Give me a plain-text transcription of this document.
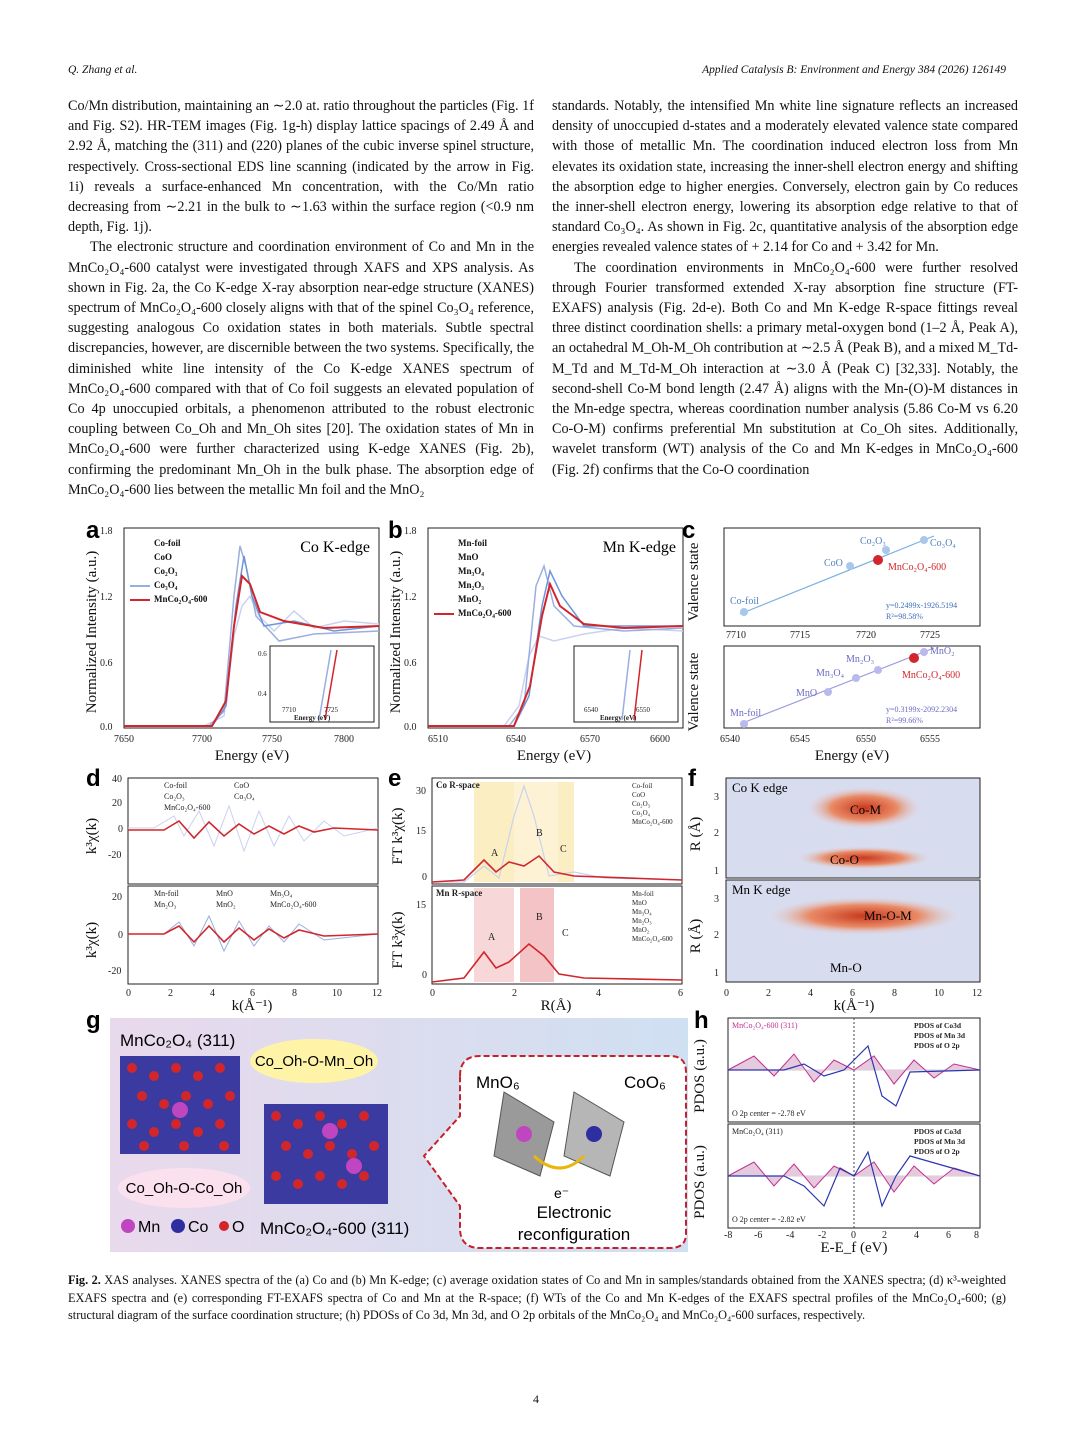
Q. Zhang et al.	Applied Catalysis B: Environment and Energy 384 (2026) 126149

Co/Mn distribution, maintaining an ∼2.0 at. ratio throughout the particles (Fig. 1f and Fig. S2). HR-TEM images (Fig. 1g-h) display lattice spacings of 2.49 Å and 2.92 Å, matching the (311) and (220) planes of the cubic inverse spinel structure, respectively. Cross-sectional EDS line scanning (indicated by the arrow in Fig. 1i) reveals a surface-enhanced Mn concentration, with the Co/Mn ratio decreasing from ∼2.21 in the bulk to ∼1.63 within the surface region (<0.9 nm depth, Fig. 1j).

The electronic structure and coordination environment of Co and Mn in the MnCo₂O₄-600 catalyst were investigated through XAFS and XPS analysis. As shown in Fig. 2a, the Co K-edge X-ray absorption near-edge structure (XANES) spectrum of MnCo₂O₄-600 closely aligns with that of the spinel Co₃O₄ reference, suggesting analogous Co oxidation states in both materials. Subtle spectral discrepancies, however, are discernible between the two systems. Specifically, the diminished white line intensity of the Co K-edge XANES spectrum of MnCo₂O₄-600 compared with that of Co foil suggests an elevated population of Co 4p unoccupied orbitals, a phenomenon attributed to the robust electronic coupling between Co_Oh and Mn_Oh sites [20]. The oxidation states of Mn in MnCo₂O₄-600 were further characterized using K-edge XANES (Fig. 2b), confirming the predominant Mn_Oh in the bulk phase. The absorption edge of MnCo₂O₄-600 lies between the metallic Mn foil and the MnO₂

standards. Notably, the intensified Mn white line signature reflects an increased density of unoccupied d-states and a moderately elevated valence state compared with those of metallic Mn. The coordination induced electron loss from Mn elevates its oxidation state, increasing the inner-shell electron energy and shifting the absorption edge to higher energies. Conversely, electron gain by Co reduces the inner-shell electron energy, lowering its absorption edge relative to that of standard Co₃O₄. As shown in Fig. 2c, quantitative analysis of the absorption edge energies revealed valence states of + 2.14 for Co and + 3.42 for Mn.

The coordination environments in MnCo₂O₄-600 were further resolved through Fourier transformed extended X-ray absorption fine structure (FT-EXAFS) analysis (Fig. 2d-e). Both Co and Mn K-edge R-space fittings reveal three distinct coordination shells: a primary metal-oxygen bond (1–2 Å, Peak A), an octahedral M_Oh-M_Oh contribution at ∼2.5 Å (Peak B), and a mixed M_Td-M_Td and M_Td-M_Oh interaction at ∼3.0 Å (Peak C) [32,33]. Notably, the second-shell Co-M bond length (2.47 Å) aligns with the Mn-(O)-M distances in the Mn-edge spectra, whereas coordination number analysis (5.86 Co-M vs 6.20 Co-O-M) confirms preferential Mn substitution at Co_Oh sites. Additionally, wavelet transform (WT) analysis of the Co and Mn K-edges in MnCo₂O₄-600 (Fig. 2f) confirms that the Co-O coordination

a
Co K-edge
Co-foil
CoO
Co₂O₃
Co₃O₄
MnCo₂O₄-600
7710	7725
Energy (eV)
0.6
0.4
Normalized Intensity (a.u.)
1.8
1.2
0.6
0.0
7650	7700	7750	7800
Energy (eV)
b
Mn K-edge
Mn-foil
MnO
Mn₃O₄
Mn₂O₃
MnO₂
MnCo₂O₄-600
6540	6550
Energy (eV)
Normalized Intensity (a.u.)
1.8
1.2
0.6
0.0
6510	6540	6570	6600
Energy (eV)
c
Co-foil
CoO
Co₂O₃	Co₃O₄
MnCo₂O₄-600
y=0.2499x-1926.5194
R²=98.58%
7710	7715	7720	7725
Mn-foil
MnO
Mn₃O₄
Mn₂O₃
MnO₂
MnCo₂O₄-600
y=0.3199x-2092.2304
R²=99.66%
6540	6545	6550	6555
Valence state
Valence state
Energy (eV)
d	Co-foil	CoO
Co₂O₃	Co₃O₄
MnCo₂O₄-600
Mn-foil	MnO	Mn₃O₄
Mn₂O₃	MnO₂	MnCo₂O₄-600
40
20
0
-20
20
0
-20
k³χ(k)
k³χ(k)
0	2	4	6	8	10	12
k(Å⁻¹)
e
A
B
C
A
B
C
Co R-space
Mn R-space
Co-foil
CoO
Co₂O₃
Co₃O₄
MnCo₂O₄-600
Mn-foil
MnO
Mn₃O₄
Mn₂O₃
MnO₂
MnCo₂O₄-600
30
15
0
15
0
FT k³χ(k)
FT k³χ(k)
0	2	4	6
R(Å)
f	Co K edge
Mn K edge
Co-M
Co-O
Mn-O-M
Mn-O
3
2
1
3
2
1
R (Å)
R (Å)
0	2	4	6	8	10	12
k(Å⁻¹)
g
MnCo₂O₄ (311)
Co_Oh-O-Mn_Oh
Co_Oh-O-Co_Oh
MnCo₂O₄-600 (311)
Mn Co O
MnO₆	CoO₆
e⁻
Electronic
reconfiguration
h	MnCo₂O₄-600 (311)
MnCo₂O₄ (311)
PDOS of Co3d
PDOS of Mn 3d
PDOS of O 2p
PDOS of Co3d
PDOS of Mn 3d
PDOS of O 2p
O 2p center = -2.78 eV
O 2p center = -2.82 eV
PDOS (a.u.)
PDOS (a.u.)
-8 -6 -4 -2 0	2	4	6 8
E-E_f (eV)
Fig. 2. XAS analyses. XANES spectra of the (a) Co and (b) Mn K-edge; (c) average oxidation states of Co and Mn in samples/standards obtained from the XANES spectra; (d) κ³-weighted EXAFS spectra and (e) corresponding FT-EXAFS spectra of Co and Mn at the R-space; (f) WTs of the Co and Mn K-edges of the EXAFS spectral profiles of the MnCo₂O₄-600; (g) structural diagram of the surface coordination structure; (h) PDOSs of Co 3d, Mn 3d, and O 2p orbitals of the MnCo₂O₄ and MnCo₂O₄-600 surfaces, respectively.
4
